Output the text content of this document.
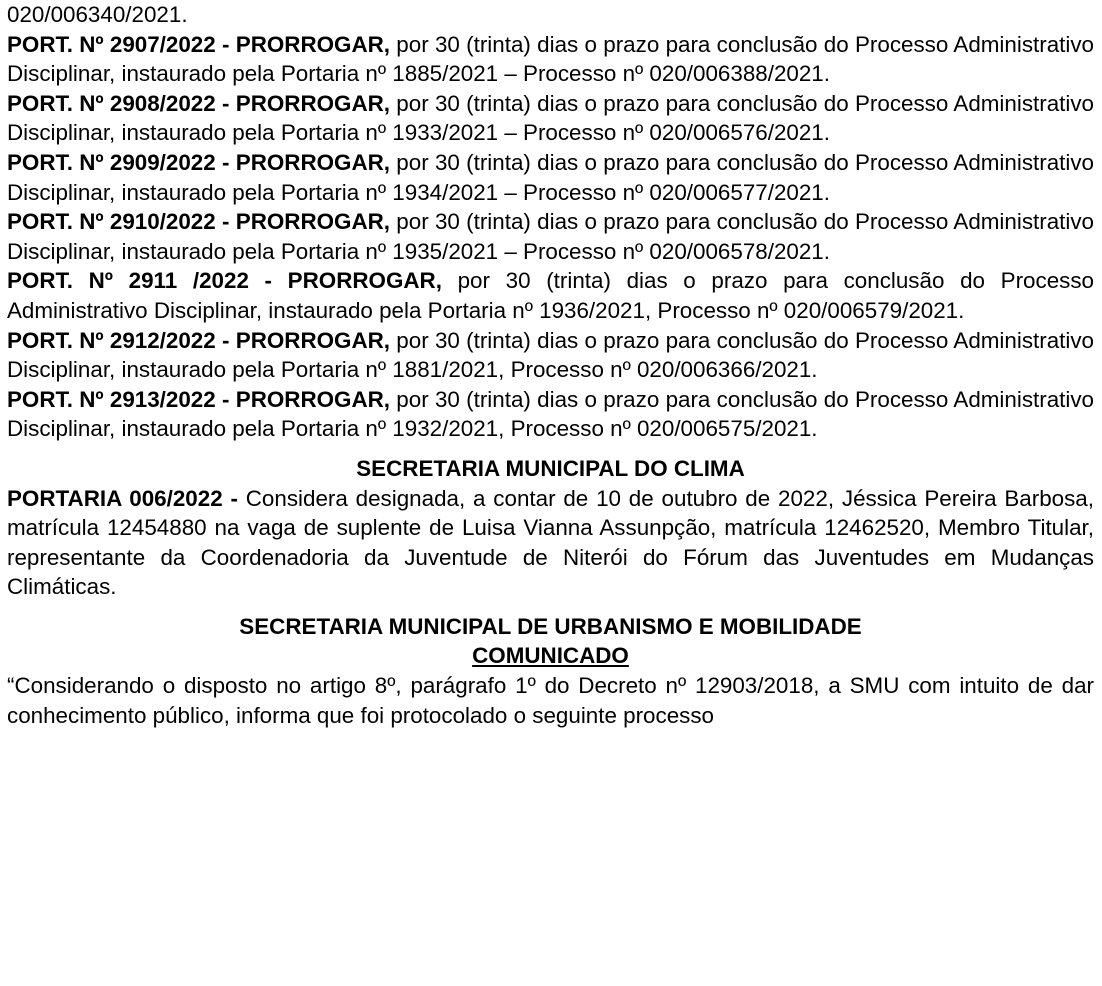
020/006340/2021.

PORT. Nº 2907/2022 - PRORROGAR, por 30 (trinta) dias o prazo para conclusão do Processo Administrativo Disciplinar, instaurado pela Portaria nº 1885/2021 – Processo nº 020/006388/2021.

PORT. Nº 2908/2022 - PRORROGAR, por 30 (trinta) dias o prazo para conclusão do Processo Administrativo Disciplinar, instaurado pela Portaria nº 1933/2021 – Processo nº 020/006576/2021.

PORT. Nº 2909/2022 - PRORROGAR, por 30 (trinta) dias o prazo para conclusão do Processo Administrativo Disciplinar, instaurado pela Portaria nº 1934/2021 – Processo nº 020/006577/2021.

PORT. Nº 2910/2022 - PRORROGAR, por 30 (trinta) dias o prazo para conclusão do Processo Administrativo Disciplinar, instaurado pela Portaria nº 1935/2021 – Processo nº 020/006578/2021.

PORT. Nº 2911 /2022 - PRORROGAR, por 30 (trinta) dias o prazo para conclusão do Processo Administrativo Disciplinar, instaurado pela Portaria nº 1936/2021, Processo nº 020/006579/2021.

PORT. Nº 2912/2022 - PRORROGAR, por 30 (trinta) dias o prazo para conclusão do Processo Administrativo Disciplinar, instaurado pela Portaria nº 1881/2021, Processo nº 020/006366/2021.

PORT. Nº 2913/2022 - PRORROGAR, por 30 (trinta) dias o prazo para conclusão do Processo Administrativo Disciplinar, instaurado pela Portaria nº 1932/2021, Processo nº 020/006575/2021.

SECRETARIA MUNICIPAL DO CLIMA

PORTARIA 006/2022 - Considera designada, a contar de 10 de outubro de 2022, Jéssica Pereira Barbosa, matrícula 12454880 na vaga de suplente de Luisa Vianna Assunpção, matrícula 12462520, Membro Titular, representante da Coordenadoria da Juventude de Niterói do Fórum das Juventudes em Mudanças Climáticas.

SECRETARIA MUNICIPAL DE URBANISMO E MOBILIDADE

COMUNICADO

“Considerando o disposto no artigo 8º, parágrafo 1º do Decreto nº 12903/2018, a SMU com intuito de dar conhecimento público, informa que foi protocolado o seguinte processo
